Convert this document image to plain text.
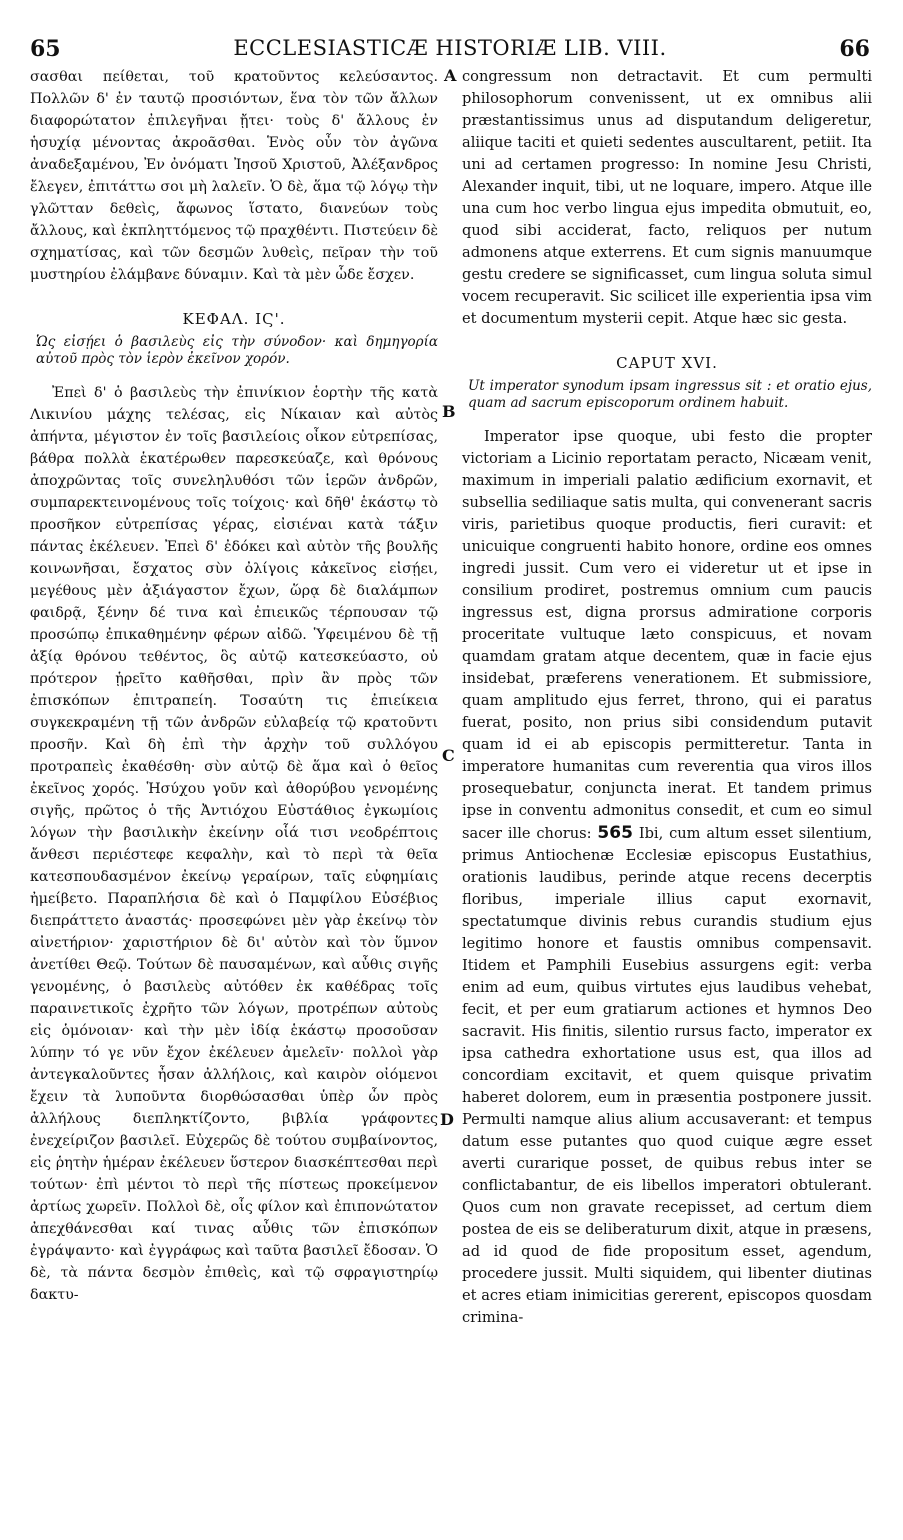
65	ECCLESIASTICÆ HISTORIÆ LIB. VIII.	66
A
B
C
D

σασθαι πείθεται, τοῦ κρατοῦντος κελεύσαντος. Πολλῶν δ' ἐν ταυτῷ προσιόντων, ἕνα τὸν τῶν ἄλλων διαφορώτατον ἐπιλεγῆναι ᾔτει· τοὺς δ' ἄλλους ἐν ἡσυχίᾳ μένοντας ἀκροᾶσθαι. Ἑνὸς οὖν τὸν ἀγῶνα ἀναδεξαμένου, Ἐν ὀνόματι Ἰησοῦ Χριστοῦ, Ἀλέξανδρος ἔλεγεν, ἐπιτάττω σοι μὴ λαλεῖν. Ὁ δὲ, ἅμα τῷ λόγῳ τὴν γλῶτταν δεθεὶς, ἄφωνος ἵστατο, διανεύων τοὺς ἄλλους, καὶ ἐκπληττόμενος τῷ πραχθέντι. Πιστεύειν δὲ σχηματίσας, καὶ τῶν δεσμῶν λυθεὶς, πεῖραν τὴν τοῦ μυστηρίου ἐλάμβανε δύναμιν. Καὶ τὰ μὲν ὧδε ἔσχεν.

ΚΕΦΑΛ. ΙϚ'.

Ὡς εἰσῄει ὁ βασιλεὺς εἰς τὴν σύνοδον· καὶ δημηγορία αὐτοῦ πρὸς τὸν ἱερὸν ἐκεῖνον χορόν.

Ἐπεὶ δ' ὁ βασιλεὺς τὴν ἐπινίκιον ἑορτὴν τῆς κατὰ Λικινίου μάχης τελέσας, εἰς Νίκαιαν καὶ αὐτὸς ἀπήντα, μέγιστον ἐν τοῖς βασιλείοις οἶκον εὐτρεπίσας, βάθρα πολλὰ ἑκατέρωθεν παρεσκεύαζε, καὶ θρόνους ἀποχρῶντας τοῖς συνεληλυθόσι τῶν ἱερῶν ἀνδρῶν, συμπαρεκτεινομένους τοῖς τοίχοις· καὶ δῆθ' ἑκάστῳ τὸ προσῆκον εὐτρεπίσας γέρας, εἰσιέναι κατὰ τάξιν πάντας ἐκέλευεν. Ἐπεὶ δ' ἐδόκει καὶ αὐτὸν τῆς βουλῆς κοινωνῆσαι, ἔσχατος σὺν ὀλίγοις κἀκεῖνος εἰσῄει, μεγέθους μὲν ἀξιάγαστον ἔχων, ὥρᾳ δὲ διαλάμπων φαιδρᾷ, ξένην δέ τινα καὶ ἐπιεικῶς τέρπουσαν τῷ προσώπῳ ἐπικαθημένην φέρων αἰδῶ. Ὑφειμένου δὲ τῇ ἀξίᾳ θρόνου τεθέντος, ὃς αὐτῷ κατεσκεύαστο, οὐ πρότερον ᾑρεῖτο καθῆσθαι, πρὶν ἂν πρὸς τῶν ἐπισκόπων ἐπιτραπείη. Τοσαύτη τις ἐπιείκεια συγκεκραμένη τῇ τῶν ἀνδρῶν εὐλαβείᾳ τῷ κρατοῦντι προσῆν. Καὶ δὴ ἐπὶ τὴν ἀρχὴν τοῦ συλλόγου προτραπεὶς ἐκαθέσθη· σὺν αὐτῷ δὲ ἅμα καὶ ὁ θεῖος ἐκεῖνος χορός. Ἡσύχου γοῦν καὶ ἀθορύβου γενομένης σιγῆς, πρῶτος ὁ τῆς Ἀντιόχου Εὐστάθιος ἐγκωμίοις λόγων τὴν βασιλικὴν ἐκείνην οἷά τισι νεοδρέπτοις ἄνθεσι περιέστεφε κεφαλὴν, καὶ τὸ περὶ τὰ θεῖα κατεσπουδασμένον ἐκείνῳ γεραίρων, ταῖς εὐφημίαις ἠμείβετο. Παραπλήσια δὲ καὶ ὁ Παμφίλου Εὐσέβιος διεπράττετο ἀναστάς· προσεφώνει μὲν γὰρ ἐκείνῳ τὸν αἰνετήριον· χαριστήριον δὲ δι' αὐτὸν καὶ τὸν ὕμνον ἀνετίθει Θεῷ. Τούτων δὲ παυσαμένων, καὶ αὖθις σιγῆς γενομένης, ὁ βασιλεὺς αὐτόθεν ἐκ καθέδρας τοῖς παραινετικοῖς ἐχρῆτο τῶν λόγων, προτρέπων αὐτοὺς εἰς ὁμόνοιαν· καὶ τὴν μὲν ἰδίᾳ ἑκάστῳ προσοῦσαν λύπην τό γε νῦν ἔχον ἐκέλευεν ἀμελεῖν· πολλοὶ γὰρ ἀντεγκαλοῦντες ἦσαν ἀλλήλοις, καὶ καιρὸν οἰόμενοι ἔχειν τὰ λυποῦντα διορθώσασθαι ὑπὲρ ὧν πρὸς ἀλλήλους διεπληκτίζοντο, βιβλία γράφοντες ἐνεχείριζον βασιλεῖ. Εὐχερῶς δὲ τούτου συμβαίνοντος, εἰς ῥητὴν ἡμέραν ἐκέλευεν ὕστερον διασκέπτεσθαι περὶ τούτων· ἐπὶ μέντοι τὸ περὶ τῆς πίστεως προκείμενον ἀρτίως χωρεῖν. Πολλοὶ δὲ, οἷς φίλον καὶ ἐπιπονώτατον ἀπεχθάνεσθαι καί τινας αὖθις τῶν ἐπισκόπων ἐγράψαντο· καὶ ἐγγράφως καὶ ταῦτα βασιλεῖ ἔδοσαν. Ὁ δὲ, τὰ πάντα δεσμὸν ἐπιθεὶς, καὶ τῷ σφραγιστηρίῳ δακτυ-

congressum non detractavit. Et cum permulti philosophorum convenissent, ut ex omnibus alii præstantissimus unus ad disputandum deligeretur, aliique taciti et quieti sedentes auscultarent, petiit. Ita uni ad certamen progresso: In nomine Jesu Christi, Alexander inquit, tibi, ut ne loquare, impero. Atque ille una cum hoc verbo lingua ejus impedita obmutuit, eo, quod sibi acciderat, facto, reliquos per nutum admonens atque exterrens. Et cum signis manuumque gestu credere se significasset, cum lingua soluta simul vocem recuperavit. Sic scilicet ille experientia ipsa vim et documentum mysterii cepit. Atque hæc sic gesta.

CAPUT XVI.

Ut imperator synodum ipsam ingressus sit : et oratio ejus, quam ad sacrum episcoporum ordinem habuit.

Imperator ipse quoque, ubi festo die propter victoriam a Licinio reportatam peracto, Nicæam venit, maximum in imperiali palatio ædificium exornavit, et subsellia sediliaque satis multa, qui convenerant sacris viris, parietibus quoque productis, fieri curavit: et unicuique congruenti habito honore, ordine eos omnes ingredi jussit. Cum vero ei videretur ut et ipse in consilium prodiret, postremus omnium cum paucis ingressus est, digna prorsus admiratione corporis proceritate vultuque læto conspicuus, et novam quamdam gratam atque decentem, quæ in facie ejus insidebat, præferens venerationem. Et submissiore, quam amplitudo ejus ferret, throno, qui ei paratus fuerat, posito, non prius sibi considendum putavit quam id ei ab episcopis permitteretur. Tanta in imperatore humanitas cum reverentia qua viros illos prosequebatur, conjuncta inerat. Et tandem primus ipse in conventu admonitus consedit, et cum eo simul sacer ille chorus: 565 Ibi, cum altum esset silentium, primus Antiochenæ Ecclesiæ episcopus Eustathius, orationis laudibus, perinde atque recens decerptis floribus, imperiale illius caput exornavit, spectatumque divinis rebus curandis studium ejus legitimo honore et faustis omnibus compensavit. Itidem et Pamphili Eusebius assurgens egit: verba enim ad eum, quibus virtutes ejus laudibus vehebat, fecit, et per eum gratiarum actiones et hymnos Deo sacravit. His finitis, silentio rursus facto, imperator ex ipsa cathedra exhortatione usus est, qua illos ad concordiam excitavit, et quem quisque privatim haberet dolorem, eum in præsentia postponere jussit. Permulti namque alius alium accusaverant: et tempus datum esse putantes quo quod cuique ægre esset averti curarique posset, de quibus rebus inter se conflictabantur, de eis libellos imperatori obtulerant. Quos cum non gravate recepisset, ad certum diem postea de eis se deliberaturum dixit, atque in præsens, ad id quod de fide propositum esset, agendum, procedere jussit. Multi siquidem, qui libenter diutinas et acres etiam inimicitias gererent, episcopos quosdam crimina-
